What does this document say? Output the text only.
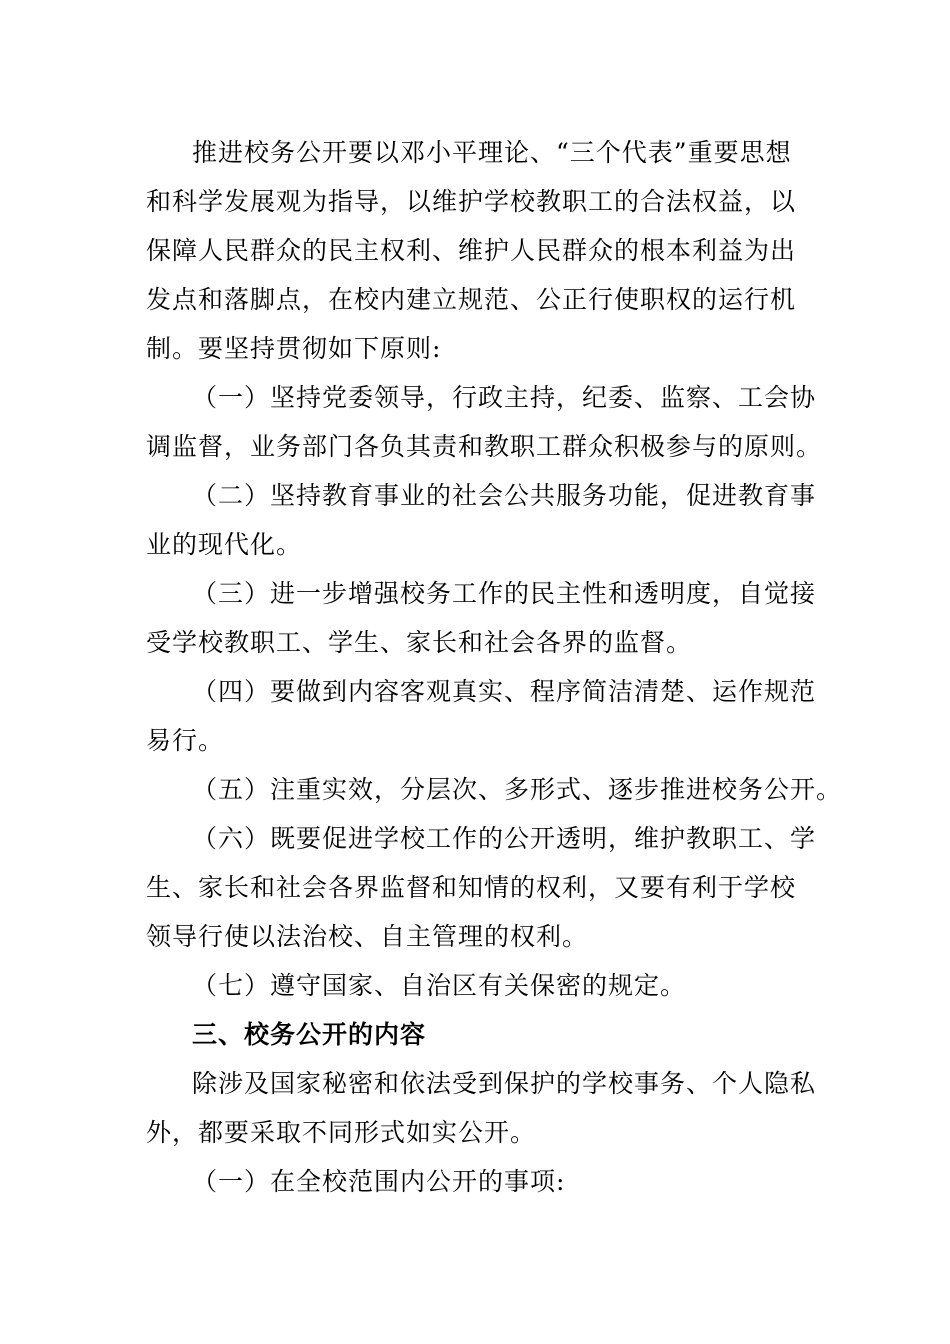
推进校务公开要以邓小平理论、“三个代表”重要思想
和科学发展观为指导，以维护学校教职工的合法权益，以
保障人民群众的民主权利、维护人民群众的根本利益为出
发点和落脚点，在校内建立规范、公正行使职权的运行机
制。要坚持贯彻如下原则:
（一）坚持党委领导，行政主持，纪委、监察、工会协
调监督，业务部门各负其责和教职工群众积极参与的原则。
（二）坚持教育事业的社会公共服务功能，促进教育事
业的现代化。
（三）进一步增强校务工作的民主性和透明度，自觉接
受学校教职工、学生、家长和社会各界的监督。
（四）要做到内容客观真实、程序简洁清楚、运作规范
易行。
（五）注重实效，分层次、多形式、逐步推进校务公开。
（六）既要促进学校工作的公开透明，维护教职工、学
生、家长和社会各界监督和知情的权利，又要有利于学校
领导行使以法治校、自主管理的权利。
（七）遵守国家、自治区有关保密的规定。
三、校务公开的内容
除涉及国家秘密和依法受到保护的学校事务、个人隐私
外，都要采取不同形式如实公开。
（一）在全校范围内公开的事项:
